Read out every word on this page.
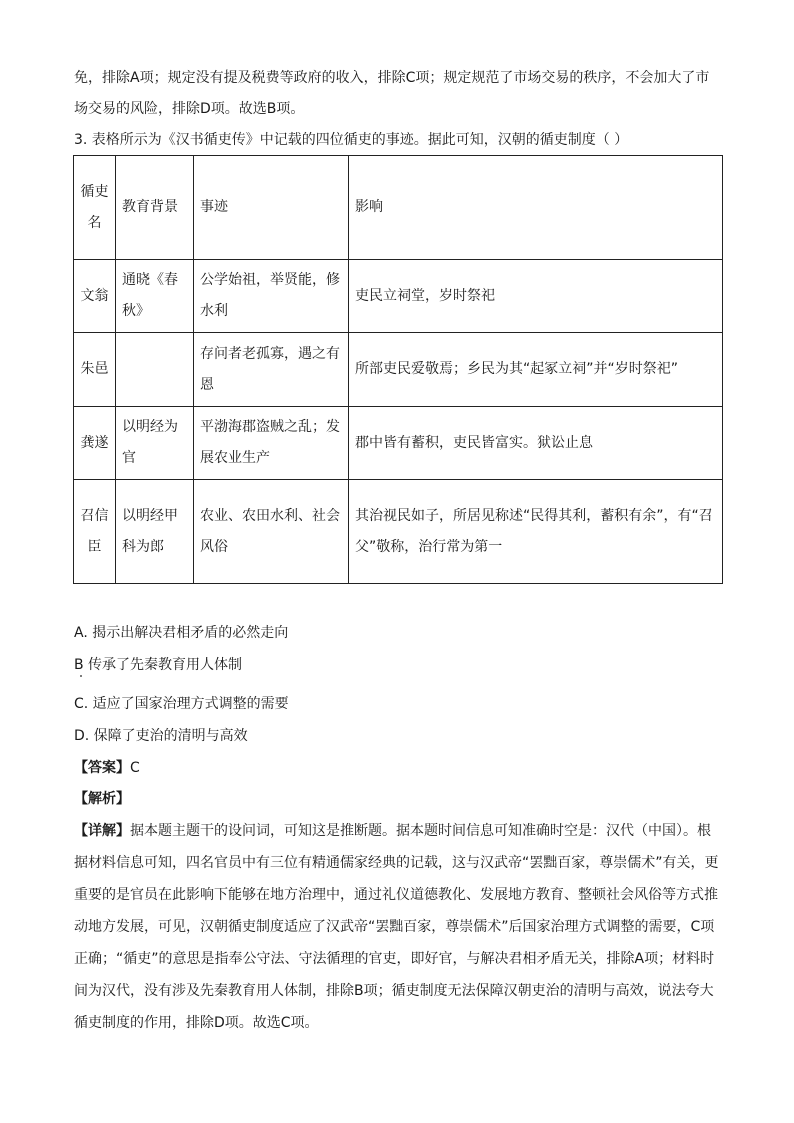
免，排除A项；规定没有提及税费等政府的收入，排除C项；规定规范了市场交易的秩序，不会加大了市
场交易的风险，排除D项。故选B项。
3. 表格所示为《汉书循吏传》中记载的四位循吏的事迹。据此可知，汉朝的循吏制度（ ）
循吏名	教育背景	事迹	影响
文翁	通晓《春秋》	公学始祖，举贤能，修水利	吏民立祠堂，岁时祭祀
朱邑		存问者老孤寡，遇之有恩	所部吏民爱敬焉；乡民为其“起冢立祠”并“岁时祭祀”
龚遂	以明经为官	平渤海郡盗贼之乱；发展农业生产	郡中皆有蓄积，吏民皆富实。狱讼止息
召信臣	以明经甲科为郎	农业、农田水利、社会风俗	其治视民如子，所居见称述“民得其利，蓄积有余”，有“召父”敬称，治行常为第一
A. 揭示出解决君相矛盾的必然走向
B 传承了先秦教育用人体制
C. 适应了国家治理方式调整的需要
D. 保障了吏治的清明与高效
【答案】C
【解析】
【详解】据本题主题干的设问词，可知这是推断题。据本题时间信息可知准确时空是：汉代（中国）。根据材料信息可知，四名官员中有三位有精通儒家经典的记载，这与汉武帝“罢黜百家，尊崇儒术”有关，更重要的是官员在此影响下能够在地方治理中，通过礼仪道德教化、发展地方教育、整顿社会风俗等方式推动地方发展，可见，汉朝循吏制度适应了汉武帝“罢黜百家，尊崇儒术”后国家治理方式调整的需要，C项正确；“循吏”的意思是指奉公守法、守法循理的官吏，即好官，与解决君相矛盾无关，排除A项；材料时间为汉代，没有涉及先秦教育用人体制，排除B项；循吏制度无法保障汉朝吏治的清明与高效，说法夸大循吏制度的作用，排除D项。故选C项。
